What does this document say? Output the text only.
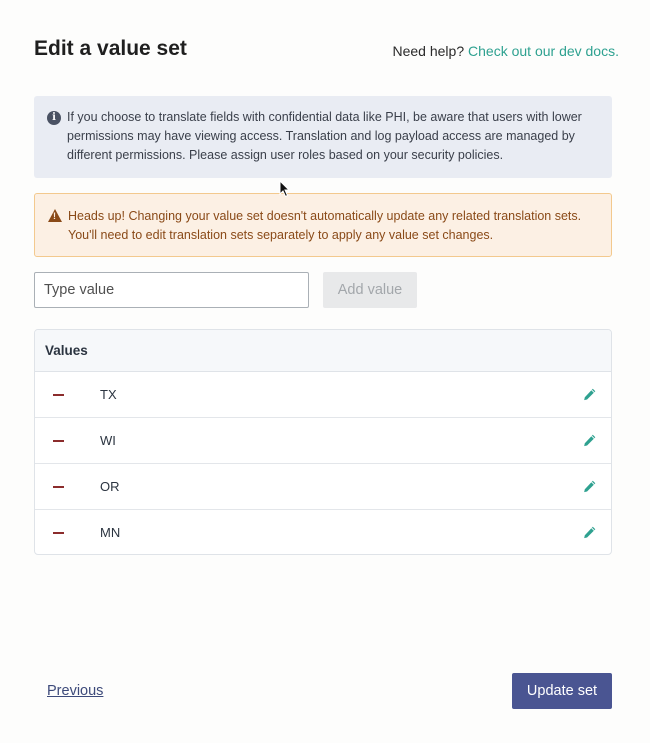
Edit a value set	Need help? Check out our dev docs.
i If you choose to translate fields with confidential data like PHI, be aware that users with lower permissions may have viewing access. Translation and log payload access are managed by different permissions. Please assign user roles based on your security policies.
! Heads up! Changing your value set doesn't automatically update any related translation sets. You'll need to edit translation sets separately to apply any value set changes.
Type value
Add value
Values
TX
WI
OR
MN
Previous	Update set
